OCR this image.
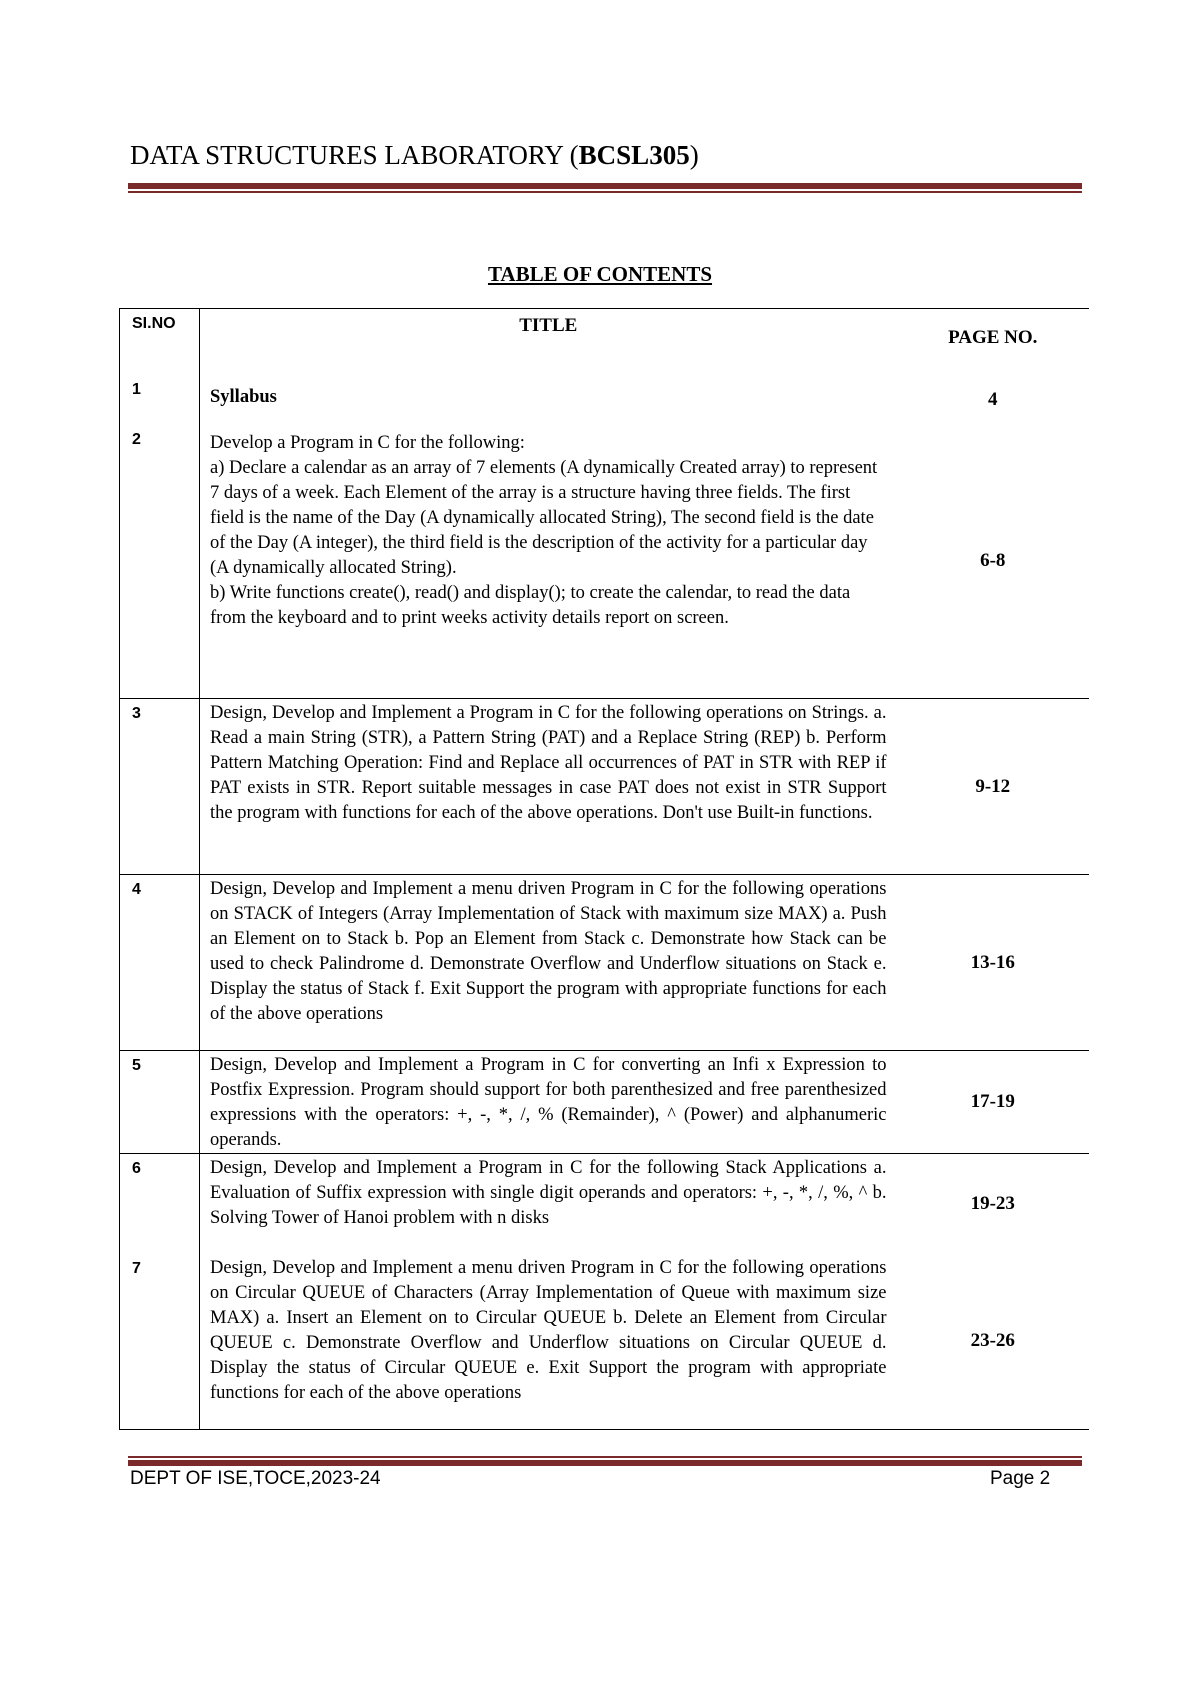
DATA STRUCTURES LABORATORY (BCSL305)
TABLE OF CONTENTS
SI.NO	TITLE	PAGE NO.
1	Syllabus	4
2	Develop a Program in C for the following:
a) Declare a calendar as an array of 7 elements (A dynamically Created array) to represent 7 days of a week. Each Element of the array is a structure having three fields. The first field is the name of the Day (A dynamically allocated String), The second field is the date of the Day (A integer), the third field is the description of the activity for a particular day (A dynamically allocated String).
b) Write functions create(), read() and display(); to create the calendar, to read the data from the keyboard and to print weeks activity details report on screen.	6-8
3	Design, Develop and Implement a Program in C for the following operations on Strings. a. Read a main String (STR), a Pattern String (PAT) and a Replace String (REP) b. Perform Pattern Matching Operation: Find and Replace all occurrences of PAT in STR with REP if PAT exists in STR. Report suitable messages in case PAT does not exist in STR Support the program with functions for each of the above operations. Don't use Built-in functions.	9-12
4	Design, Develop and Implement a menu driven Program in C for the following operations on STACK of Integers (Array Implementation of Stack with maximum size MAX) a. Push an Element on to Stack b. Pop an Element from Stack c. Demonstrate how Stack can be used to check Palindrome d. Demonstrate Overflow and Underflow situations on Stack e. Display the status of Stack f. Exit Support the program with appropriate functions for each of the above operations	13-16
5	Design, Develop and Implement a Program in C for converting an Infi x Expression to Postfix Expression. Program should support for both parenthesized and free parenthesized expressions with the operators: +, -, *, /, % (Remainder), ^ (Power) and alphanumeric operands.	17-19
6	Design, Develop and Implement a Program in C for the following Stack Applications a. Evaluation of Suffix expression with single digit operands and operators: +, -, *, /, %, ^ b. Solving Tower of Hanoi problem with n disks	19-23
7	Design, Develop and Implement a menu driven Program in C for the following operations on Circular QUEUE of Characters (Array Implementation of Queue with maximum size MAX) a. Insert an Element on to Circular QUEUE b. Delete an Element from Circular QUEUE c. Demonstrate Overflow and Underflow situations on Circular QUEUE d. Display the status of Circular QUEUE e. Exit Support the program with appropriate functions for each of the above operations	23-26
DEPT OF ISE,TOCE,2023-24	Page 2
